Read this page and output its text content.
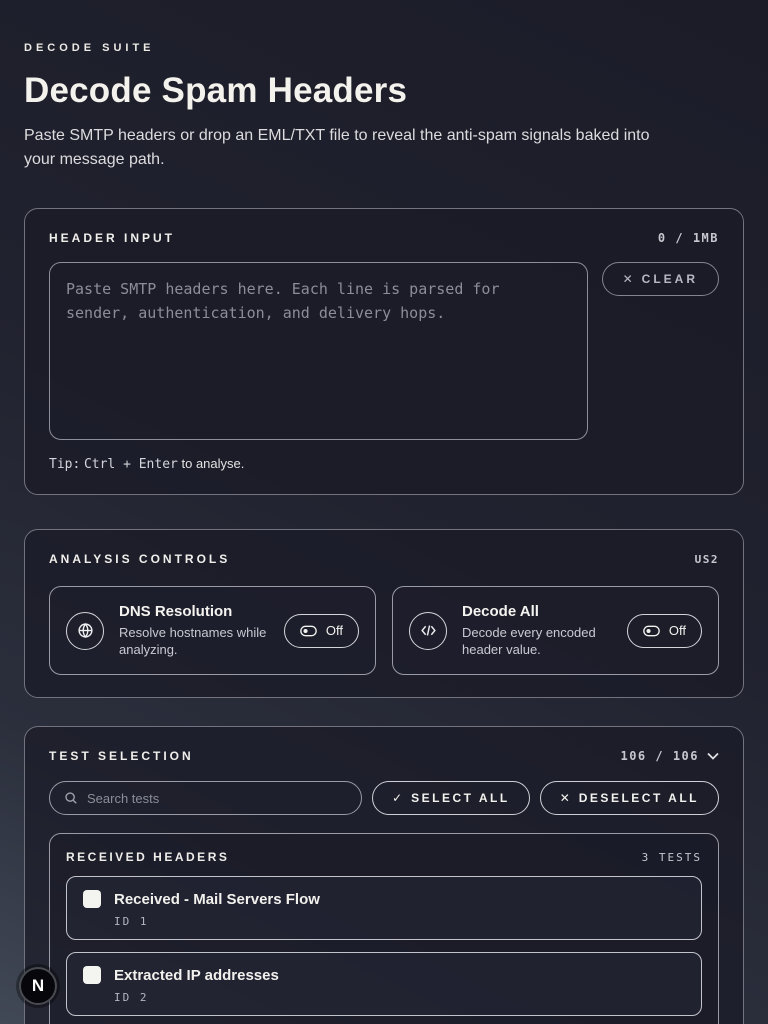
DECODE SUITE
Decode Spam Headers

Paste SMTP headers or drop an EML/TXT file to reveal the anti-spam signals baked into your message path.

HEADER INPUT	0 / 1MB
Paste SMTP headers here. Each line is parsed for sender, authentication, and delivery hops.
✕ CLEAR
Tip: Ctrl + Enter to analyse.
ANALYSIS CONTROLS	US2
DNS Resolution
Resolve hostnames while analyzing.
Off
Decode All
Decode every encoded header value.
Off
TEST SELECTION	106 / 106
Search tests
✓ SELECT ALL	✕ DESELECT ALL
RECEIVED HEADERS	3 TESTS
Received - Mail Servers Flow
ID 1
Extracted IP addresses
ID 2
N
